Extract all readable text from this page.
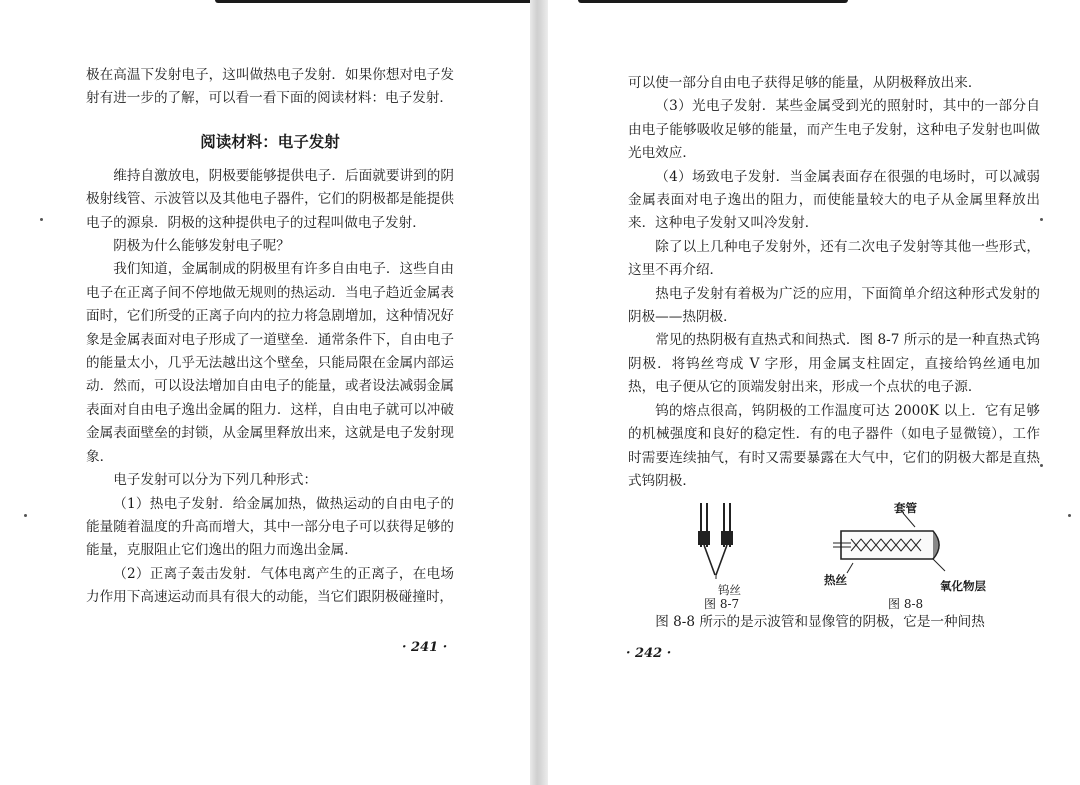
极在高温下发射电子，这叫做热电子发射．如果你想对电子发射有进一步的了解，可以看一看下面的阅读材料：电子发射．

阅读材料：电子发射

维持自激放电，阴极要能够提供电子．后面就要讲到的阴极射线管、示波管以及其他电子器件，它们的阴极都是能提供电子的源泉．阴极的这种提供电子的过程叫做电子发射．

阴极为什么能够发射电子呢？

我们知道，金属制成的阴极里有许多自由电子．这些自由电子在正离子间不停地做无规则的热运动．当电子趋近金属表面时，它们所受的正离子向内的拉力将急剧增加，这种情况好象是金属表面对电子形成了一道壁垒．通常条件下，自由电子的能量太小，几乎无法越出这个壁垒，只能局限在金属内部运动．然而，可以设法增加自由电子的能量，或者设法减弱金属表面对自由电子逸出金属的阻力．这样，自由电子就可以冲破金属表面壁垒的封锁，从金属里释放出来，这就是电子发射现象．

电子发射可以分为下列几种形式：

（1）热电子发射．给金属加热，做热运动的自由电子的能量随着温度的升高而增大，其中一部分电子可以获得足够的能量，克服阻止它们逸出的阻力而逸出金属．

（2）正离子轰击发射．气体电离产生的正离子，在电场力作用下高速运动而具有很大的动能，当它们跟阴极碰撞时，

· 241 ·

可以使一部分自由电子获得足够的能量，从阴极释放出来．

（3）光电子发射．某些金属受到光的照射时，其中的一部分自由电子能够吸收足够的能量，而产生电子发射，这种电子发射也叫做光电效应．

（4）场致电子发射．当金属表面存在很强的电场时，可以减弱金属表面对电子逸出的阻力，而使能量较大的电子从金属里释放出来．这种电子发射又叫冷发射．

除了以上几种电子发射外，还有二次电子发射等其他一些形式，这里不再介绍．

热电子发射有着极为广泛的应用，下面简单介绍这种形式发射的阴极——热阴极．

常见的热阴极有直热式和间热式．图 8-7 所示的是一种直热式钨阴极．将钨丝弯成 V 字形，用金属支柱固定，直接给钨丝通电加热，电子便从它的顶端发射出来，形成一个点状的电子源．

钨的熔点很高，钨阴极的工作温度可达 2000K 以上．它有足够的机械强度和良好的稳定性．有的电子器件（如电子显微镜），工作时需要连续抽气，有时又需要暴露在大气中，它们的阴极大都是直热式钨阴极．

钨丝
图 8-7
套管
热丝	氧化物层
图 8-8

图 8-8 所示的是示波管和显像管的阴极，它是一种间热

· 242 ·
